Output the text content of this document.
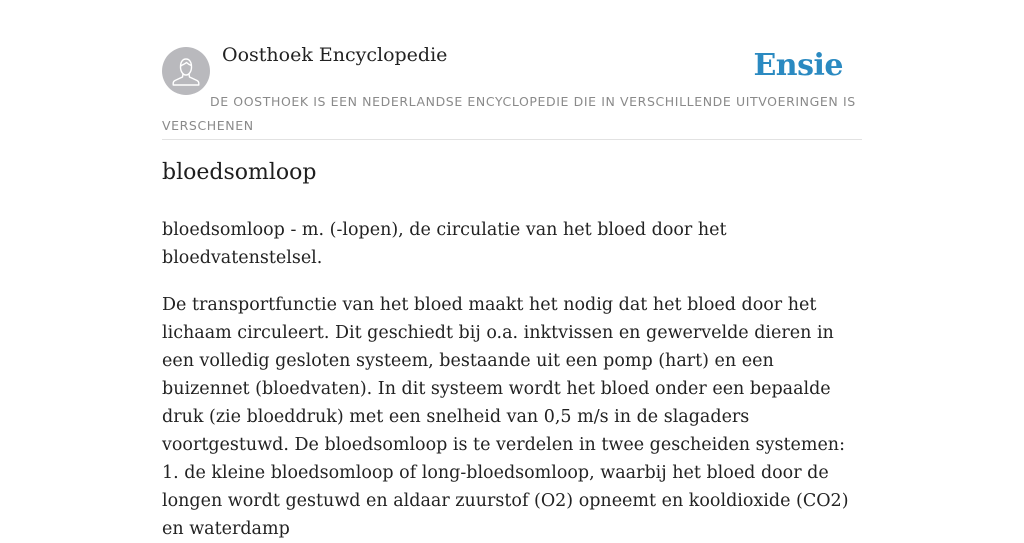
Oosthoek Encyclopedie	Ensie
DE OOSTHOEK IS EEN NEDERLANDSE ENCYCLOPEDIE DIE IN VERSCHILLENDE UITVOERINGEN IS VERSCHENEN
bloedsomloop

bloedsomloop - m. (-lopen), de circulatie van het bloed door het bloedvatenstelsel.

De transportfunctie van het bloed maakt het nodig dat het bloed door het lichaam circuleert. Dit geschiedt bij o.a. inktvissen en gewervelde dieren in een volledig gesloten systeem, bestaande uit een pomp (hart) en een buizennet (bloedvaten). In dit systeem wordt het bloed onder een bepaalde druk (zie bloeddruk) met een snelheid van 0,5 m/s in de slagaders voortgestuwd. De bloedsomloop is te verdelen in twee gescheiden systemen: 1. de kleine bloedsomloop of long-bloedsomloop, waarbij het bloed door de longen wordt gestuwd en aldaar zuurstof (O2) opneemt en kooldioxide (CO2) en waterdamp
